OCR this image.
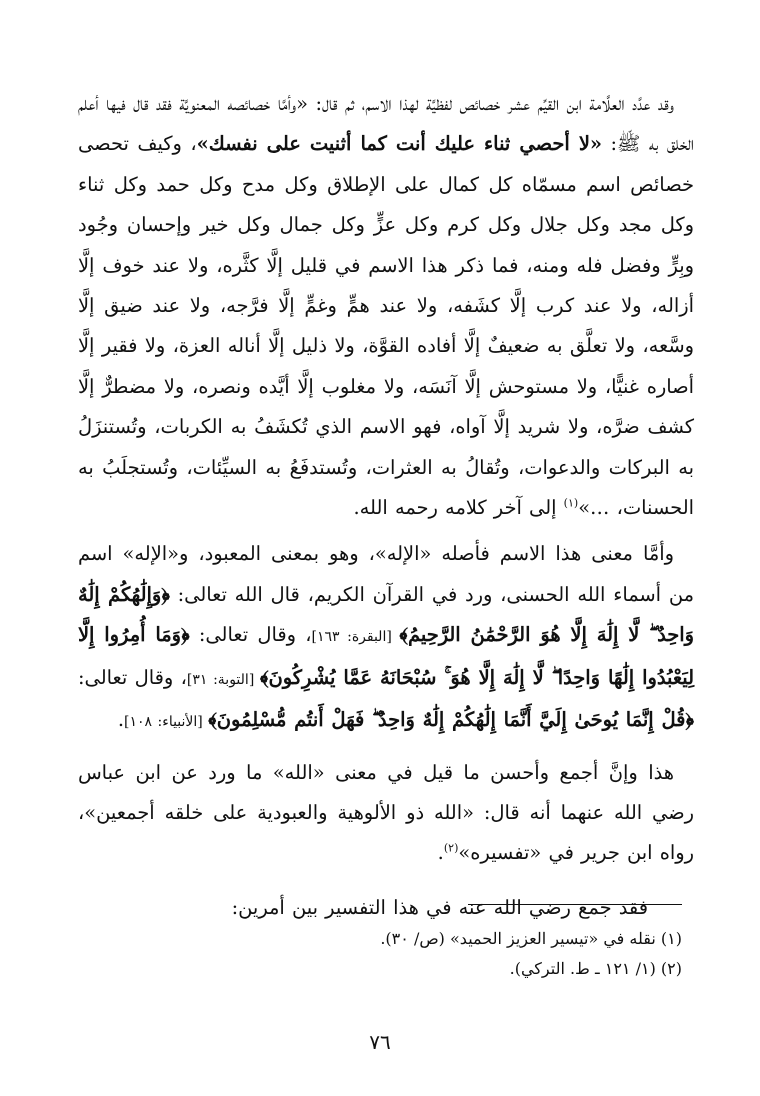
وقد عدَّد العلَّامة ابن القيِّم عشر خصائص لفظيَّة لهذا الاسم، ثم قال: «وأمَّا خصائصه المعنويَّة فقد قال فيها أعلم الخلق به ﷺ: «لا أحصي ثناء عليك أنت كما أثنيت على نفسك»، وكيف تحصى خصائص اسم مسمّاه كل كمال على الإطلاق وكل مدح وكل حمد وكل ثناء وكل مجد وكل جلال وكل كرم وكل عزٍّ وكل جمال وكل خير وإحسان وجُود وبِرٍّ وفضل فله ومنه، فما ذكر هذا الاسم في قليل إلَّا كثَّره، ولا عند خوف إلَّا أزاله، ولا عند كرب إلَّا كشَفه، ولا عند همٍّ وغمٍّ إلَّا فرَّجه، ولا عند ضيق إلَّا وسَّعه، ولا تعلَّق به ضعيفٌ إلَّا أفاده القوَّة، ولا ذليل إلَّا أناله العزة، ولا فقير إلَّا أصاره غنيًّا، ولا مستوحش إلَّا آنَسَه، ولا مغلوب إلَّا أيَّده ونصره، ولا مضطرٌّ إلَّا كشف ضرَّه، ولا شريد إلَّا آواه، فهو الاسم الذي تُكشَفُ به الكربات، وتُستنزَلُ به البركات والدعوات، وتُقالُ به العثرات، وتُستدفَعُ به السيِّئات، وتُستجلَبُ به الحسنات، …»$^{(١)}$ إلى آخر كلامه رحمه الله.

وأمَّا معنى هذا الاسم فأصله «الإله»، وهو بمعنى المعبود، و«الإله» اسم من أسماء الله الحسنى، ورد في القرآن الكريم، قال الله تعالى: ﴿وَإِلَٰهُكُمْ إِلَٰهٌ وَاحِدٌ ۖ لَّا إِلَٰهَ إِلَّا هُوَ الرَّحْمَٰنُ الرَّحِيمُ﴾ [البقرة: ١٦٣]، وقال تعالى: ﴿وَمَا أُمِرُوا إِلَّا لِيَعْبُدُوا إِلَٰهًا وَاحِدًا ۖ لَّا إِلَٰهَ إِلَّا هُوَ ۚ سُبْحَانَهُ عَمَّا يُشْرِكُونَ﴾ [التوبة: ٣١]، وقال تعالى: ﴿قُلْ إِنَّمَا يُوحَىٰ إِلَيَّ أَنَّمَا إِلَٰهُكُمْ إِلَٰهٌ وَاحِدٌ ۖ فَهَلْ أَنتُم مُّسْلِمُونَ﴾ [الأنبياء: ١٠٨].

هذا وإنَّ أجمع وأحسن ما قيل في معنى «الله» ما ورد عن ابن عباس رضي الله عنهما أنه قال: «الله ذو الألوهية والعبودية على خلقه أجمعين»، رواه ابن جرير في «تفسيره»$^{(٢)}$.

فقد جمع رضي الله عنه في هذا التفسير بين أمرين:

(١) نقله في «تيسير العزيز الحميد» (ص/ ٣٠).

(٢) (١/ ١٢١ ـ ط. التركي).

٧٦
